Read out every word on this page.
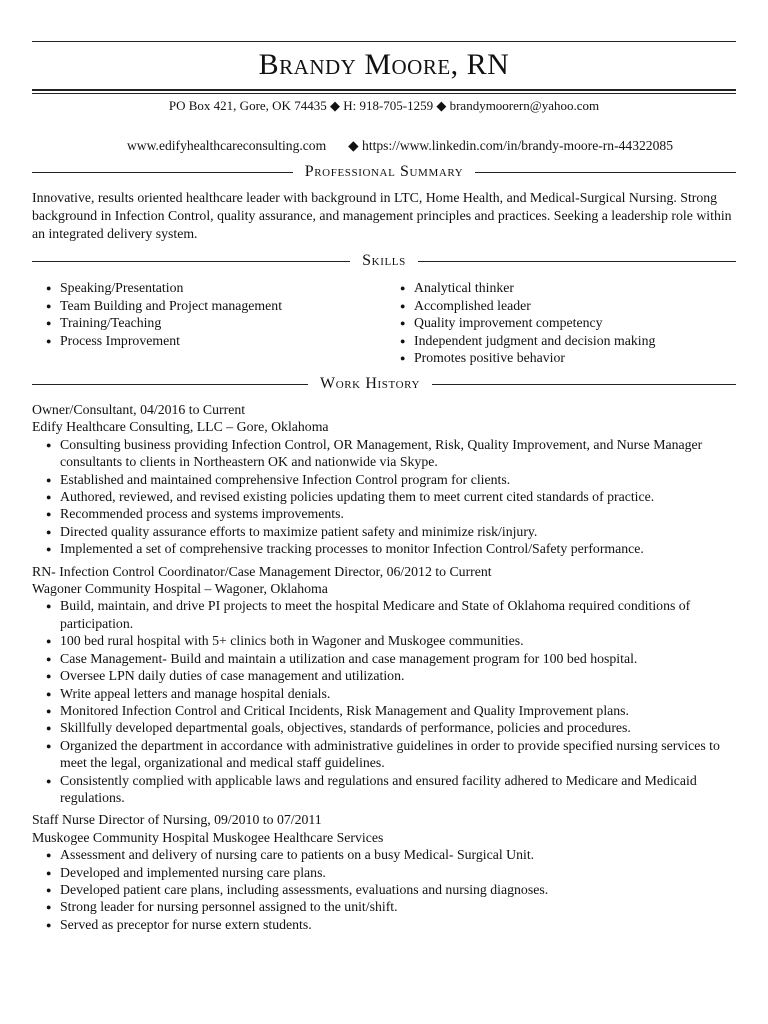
Brandy Moore, RN
PO Box 421, Gore, OK 74435 ◆ H: 918-705-1259 ◆ brandymoorern@yahoo.com
www.edifyhealthcareconsulting.com ◆ https://www.linkedin.com/in/brandy-moore-rn-44322085
Professional Summary
Innovative, results oriented healthcare leader with background in LTC, Home Health, and Medical-Surgical Nursing. Strong background in Infection Control, quality assurance, and management principles and practices. Seeking a leadership role within an integrated delivery system.
Skills
● Speaking/Presentation
● Team Building and Project management
● Training/Teaching
● Process Improvement
● Analytical thinker
● Accomplished leader
● Quality improvement competency
● Independent judgment and decision making
● Promotes positive behavior
Work History
Owner/Consultant, 04/2016 to Current
Edify Healthcare Consulting, LLC – Gore, Oklahoma
● Consulting business providing Infection Control, OR Management, Risk, Quality Improvement, and Nurse Manager consultants to clients in Northeastern OK and nationwide via Skype.
● Established and maintained comprehensive Infection Control program for clients.
● Authored, reviewed, and revised existing policies updating them to meet current cited standards of practice.
● Recommended process and systems improvements.
● Directed quality assurance efforts to maximize patient safety and minimize risk/injury.
● Implemented a set of comprehensive tracking processes to monitor Infection Control/Safety performance.
RN- Infection Control Coordinator/Case Management Director, 06/2012 to Current
Wagoner Community Hospital – Wagoner, Oklahoma
● Build, maintain, and drive PI projects to meet the hospital Medicare and State of Oklahoma required conditions of participation.
● 100 bed rural hospital with 5+ clinics both in Wagoner and Muskogee communities.
● Case Management- Build and maintain a utilization and case management program for 100 bed hospital.
● Oversee LPN daily duties of case management and utilization.
● Write appeal letters and manage hospital denials.
● Monitored Infection Control and Critical Incidents, Risk Management and Quality Improvement plans.
● Skillfully developed departmental goals, objectives, standards of performance, policies and procedures.
● Organized the department in accordance with administrative guidelines in order to provide specified nursing services to meet the legal, organizational and medical staff guidelines.
● Consistently complied with applicable laws and regulations and ensured facility adhered to Medicare and Medicaid regulations.
Staff Nurse Director of Nursing, 09/2010 to 07/2011
Muskogee Community Hospital Muskogee Healthcare Services
● Assessment and delivery of nursing care to patients on a busy Medical- Surgical Unit.
● Developed and implemented nursing care plans.
● Developed patient care plans, including assessments, evaluations and nursing diagnoses.
● Strong leader for nursing personnel assigned to the unit/shift.
● Served as preceptor for nurse extern students.
